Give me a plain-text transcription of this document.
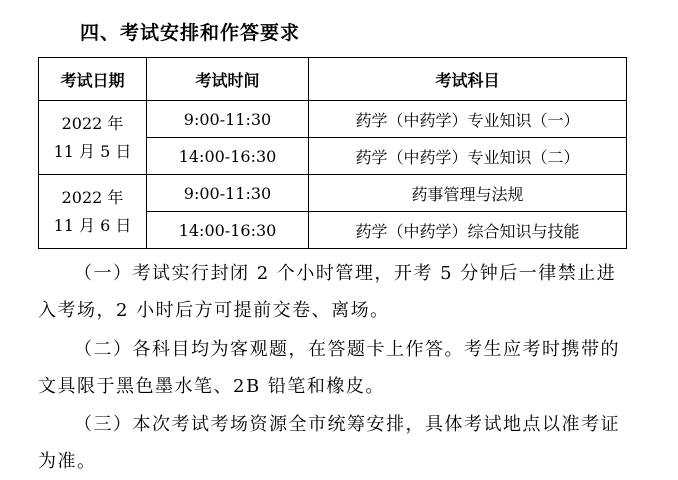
四、考试安排和作答要求
考试日期	考试时间	考试科目

2022 年
11 月 5 日	9:00-11:30	药学（中药学）专业知识（一）
	14:00-16:30	药学（中药学）专业知识（二）

2022 年
11 月 6 日	9:00-11:30	药事管理与法规
	14:00-16:30	药学（中药学）综合知识与技能

（一）考试实行封闭 2 个小时管理，开考 5 分钟后一律禁止进入考场，2 小时后方可提前交卷、离场。

（二）各科目均为客观题，在答题卡上作答。考生应考时携带的文具限于黑色墨水笔、2B 铅笔和橡皮。

（三）本次考试考场资源全市统筹安排，具体考试地点以准考证为准。
